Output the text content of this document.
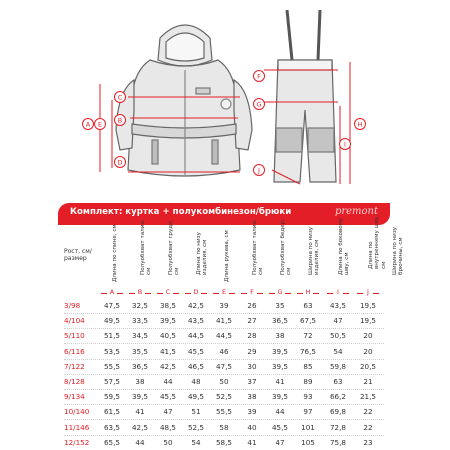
A	B
C
D
E
F
G
H
I
J
Комплект: куртка + полукомбинезон/брюки	premont
Рост, см/ размер	Длина по спине, см	Полуобхват талии, см	Полуобхват груди, см	Длина по низу изделия, см	Длина рукава, см	Полуобхват талии, см	Полуобхват бедер, см	Ширина по низу изделия, см	Длина по боковому шву, см	Длина по внутреннему шву, см Ширина по низу брючины, см
A	B	C	D	E	F	G	H	I	J
3/98	47,5	32,5	38,5	42,5	39	26	35	63	43,5	19,5
4/104	49,5	33,5	39,5	43,5	41,5	27	36,5	67,5	47	19,5
5/110	51,5	34,5	40,5	44,5	44,5	28	38	72	50,5	20
6/116	53,5	35,5	41,5	45,5	46	29	39,5	76,5	54	20
7/122	55,5	36,5	42,5	46,5	47,5	30	39,5	85	59,8	20,5
8/128	57,5	38	44	48	50	37	41	89	63	21
9/134	59,5	39,5	45,5	49,5	52,5	38	39,5	93	66,2	21,5
10/140	61,5	41	47	51	55,5	39	44	97	69,8	22
11/146	63,5	42,5	48,5	52,5	58	40	45,5	101	72,8	22
12/152	65,5	44	50	54	58,5	41	47	105	75,8	23
